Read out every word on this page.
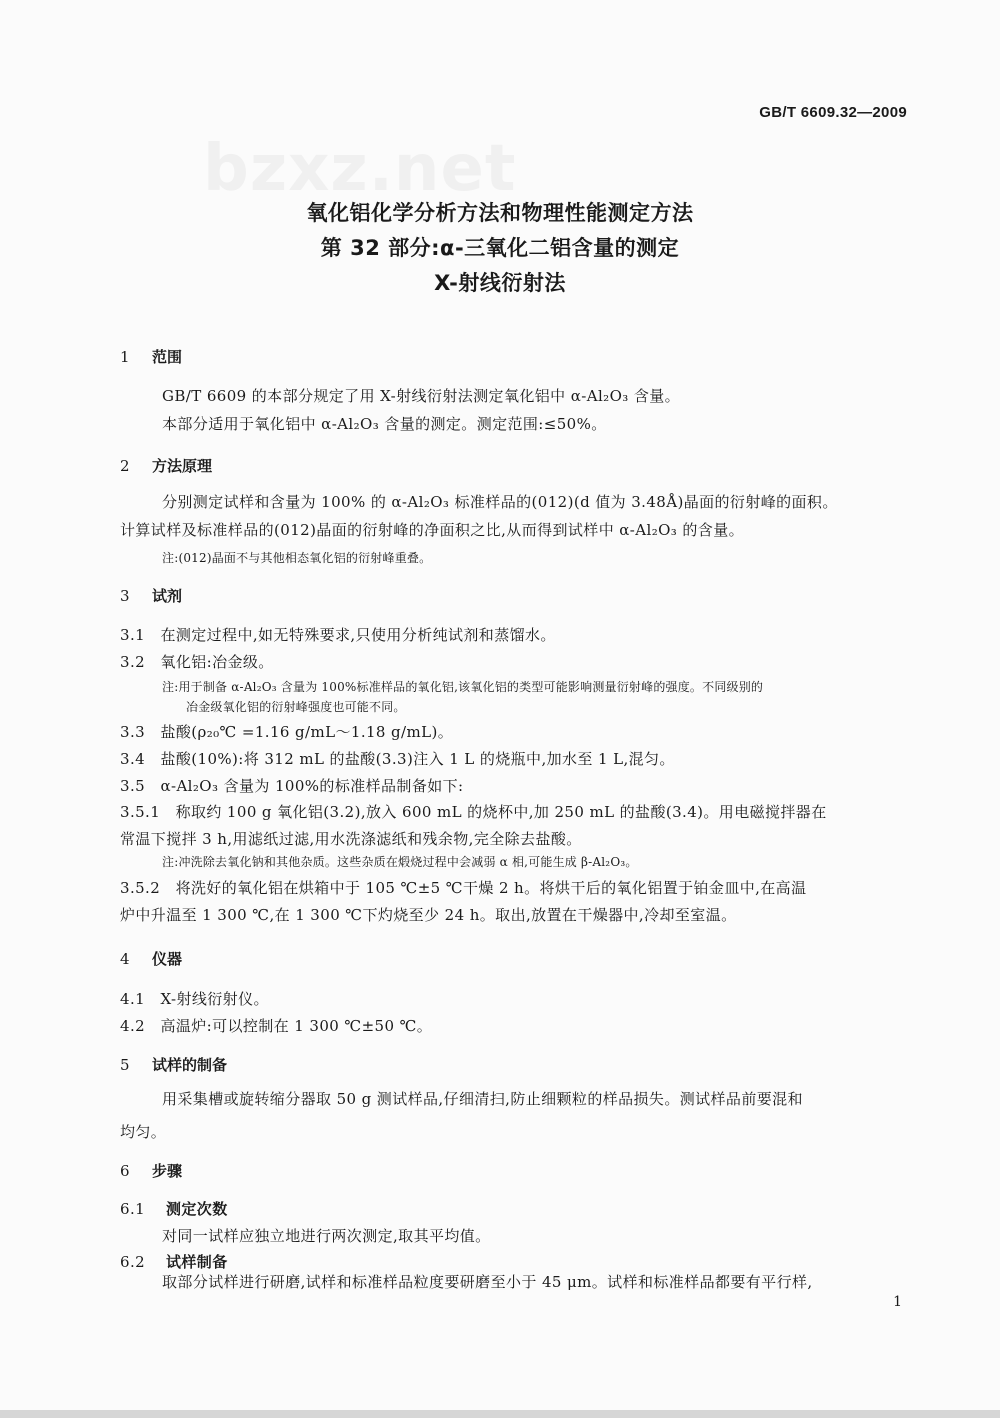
bzxz.net
GB/T 6609.32—2009
氧化铝化学分析方法和物理性能测定方法
第 32 部分:α-三氧化二铝含量的测定
X-射线衍射法
1 范围
GB/T 6609 的本部分规定了用 X-射线衍射法测定氧化铝中 α-Al₂O₃ 含量。
本部分适用于氧化铝中 α-Al₂O₃ 含量的测定。测定范围:≤50%。
2 方法原理
分别测定试样和含量为 100% 的 α-Al₂O₃ 标准样品的(012)(d 值为 3.48Å)晶面的衍射峰的面积。
计算试样及标准样品的(012)晶面的衍射峰的净面积之比,从而得到试样中 α-Al₂O₃ 的含量。
注:(012)晶面不与其他相态氧化铝的衍射峰重叠。
3 试剂
3.1　在测定过程中,如无特殊要求,只使用分析纯试剂和蒸馏水。
3.2　氧化铝:冶金级。
注:用于制备 α-Al₂O₃ 含量为 100%标准样品的氧化铝,该氧化铝的类型可能影响测量衍射峰的强度。不同级别的
冶金级氧化铝的衍射峰强度也可能不同。
3.3　盐酸(ρ₂₀℃ =1.16 g/mL～1.18 g/mL)。
3.4　盐酸(10%):将 312 mL 的盐酸(3.3)注入 1 L 的烧瓶中,加水至 1 L,混匀。
3.5　α-Al₂O₃ 含量为 100%的标准样品制备如下:
3.5.1　称取约 100 g 氧化铝(3.2),放入 600 mL 的烧杯中,加 250 mL 的盐酸(3.4)。用电磁搅拌器在
常温下搅拌 3 h,用滤纸过滤,用水洗涤滤纸和残余物,完全除去盐酸。
注:冲洗除去氧化钠和其他杂质。这些杂质在煅烧过程中会减弱 α 相,可能生成 β-Al₂O₃。
3.5.2　将洗好的氧化铝在烘箱中于 105 ℃±5 ℃干燥 2 h。将烘干后的氧化铝置于铂金皿中,在高温
炉中升温至 1 300 ℃,在 1 300 ℃下灼烧至少 24 h。取出,放置在干燥器中,冷却至室温。
4 仪器
4.1　X-射线衍射仪。
4.2　高温炉:可以控制在 1 300 ℃±50 ℃。
5 试样的制备
用采集槽或旋转缩分器取 50 g 测试样品,仔细清扫,防止细颗粒的样品损失。测试样品前要混和
均匀。
6 步骤
6.1 测定次数
对同一试样应独立地进行两次测定,取其平均值。
6.2 试样制备
取部分试样进行研磨,试样和标准样品粒度要研磨至小于 45 μm。试样和标准样品都要有平行样,
1
